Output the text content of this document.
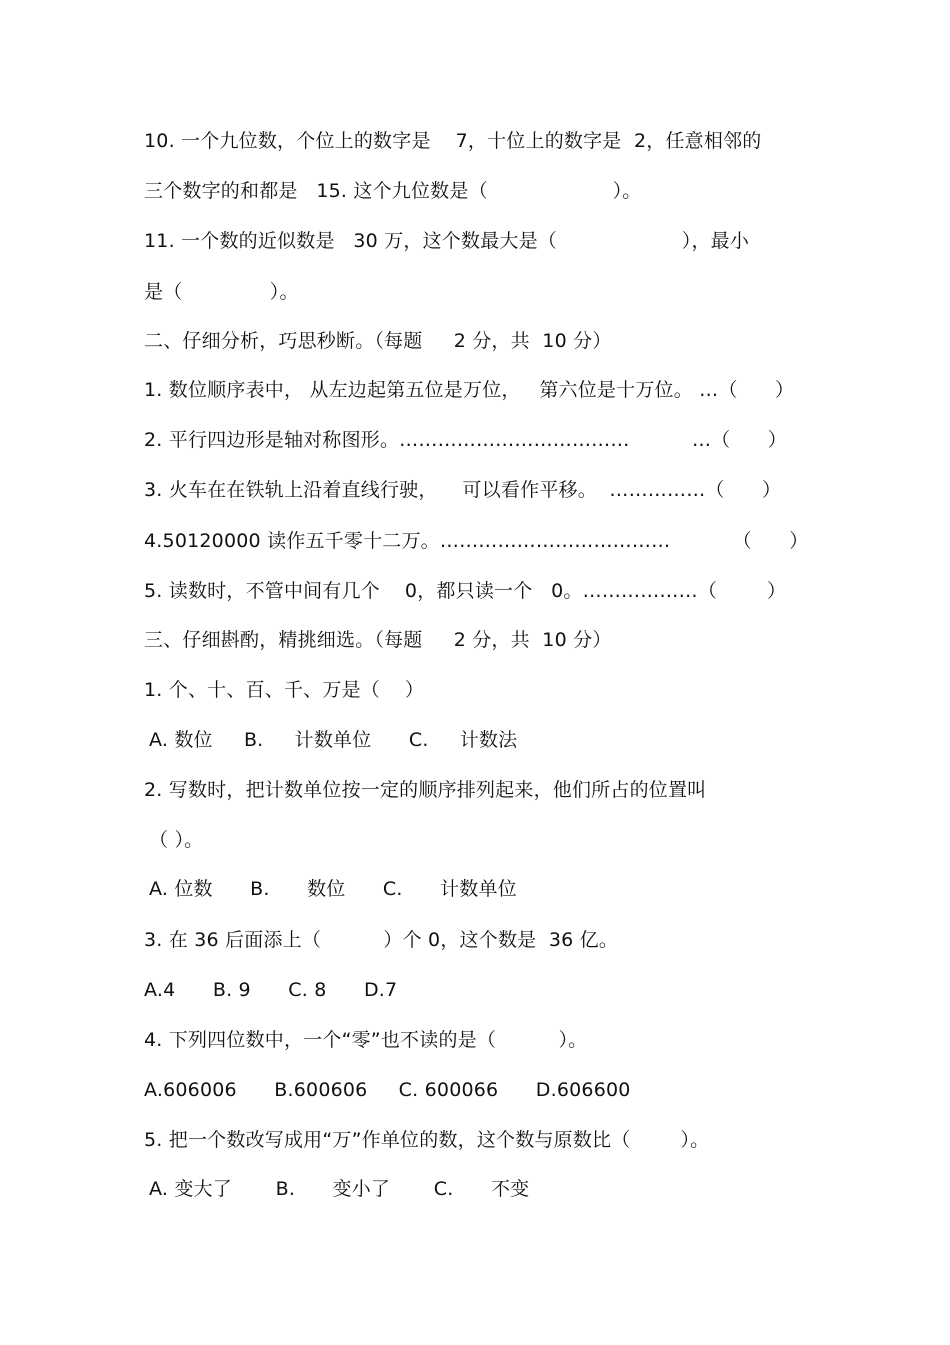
10. 一个九位数，个位上的数字是    7，十位上的数字是  2，任意相邻的
三个数字的和都是   15. 这个九位数是（                    ）。
11. 一个数的近似数是   30 万，这个数最大是（                    ），最小
是（              ）。
二、仔细分析，巧思秒断。（每题     2 分，共  10 分）
1. 数位顺序表中， 从左边起第五位是万位，   第六位是十万位。 …（      ）
2. 平行四边形是轴对称图形。………………………………          …（      ）
3. 火车在在铁轨上沿着直线行驶，    可以看作平移。  ……………（      ）
4.50120000 读作五千零十二万。………………………………          （      ）
5. 读数时，不管中间有几个    0，都只读一个   0。………………（        ）
三、仔细斟酌，精挑细选。（每题     2 分，共  10 分）
1. 个、十、百、千、万是（    ）
A. 数位     B.     计数单位      C.     计数法
2. 写数时，把计数单位按一定的顺序排列起来，他们所占的位置叫
（ ）。
A. 位数      B.      数位      C.      计数单位
3. 在 36 后面添上（          ）个 0，这个数是  36 亿。
A.4      B. 9      C. 8      D.7
4. 下列四位数中，一个“零”也不读的是（          ）。
A.606006      B.600606     C. 600066      D.606600
5. 把一个数改写成用“万”作单位的数，这个数与原数比（        ）。
A. 变大了       B.      变小了       C.      不变
